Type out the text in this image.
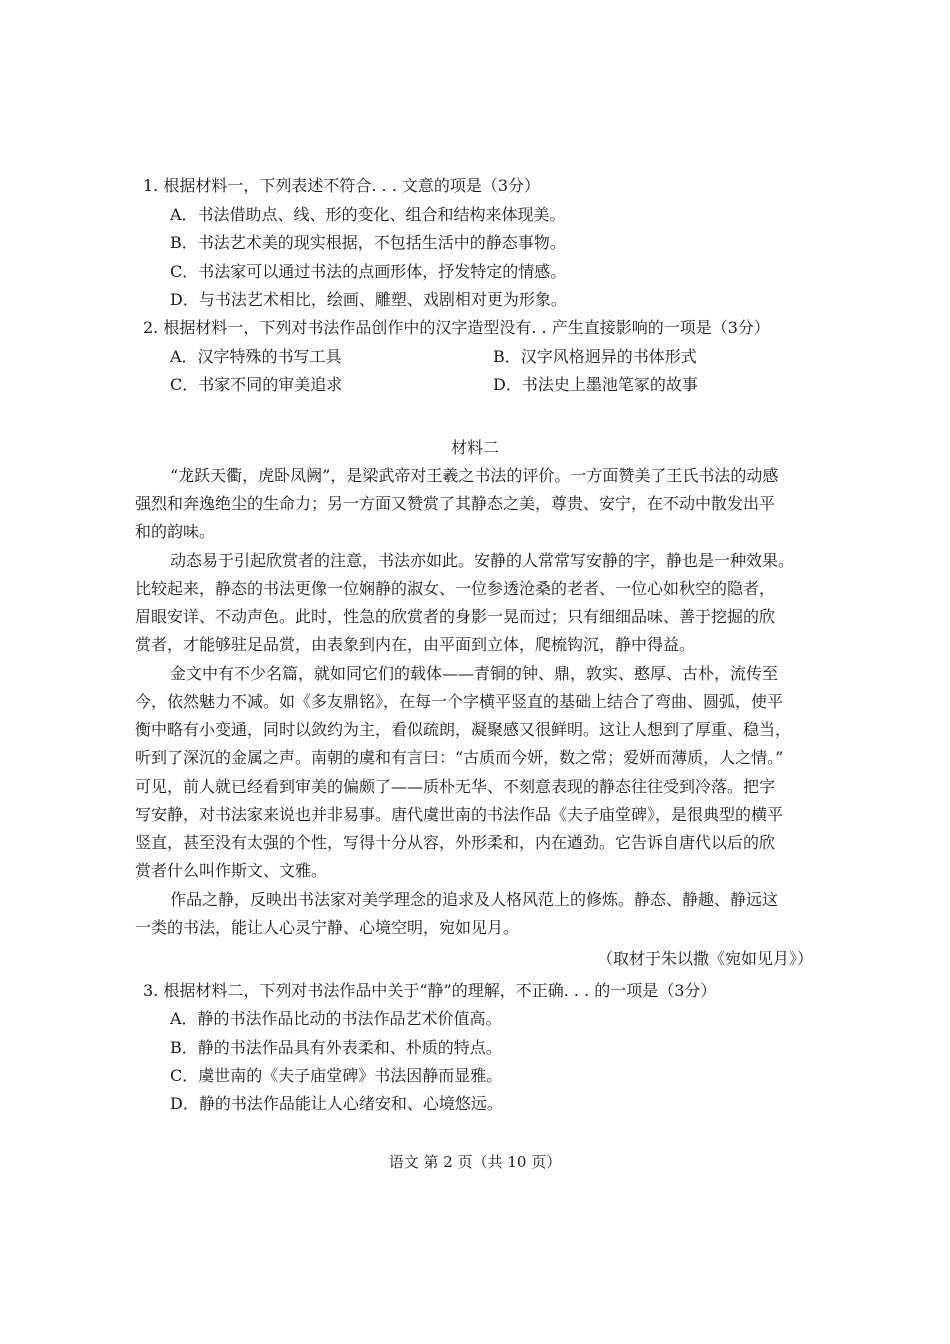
1. 根据材料一，下列表述不符合. . . 文意的项是（3分）
A．书法借助点、线、形的变化、组合和结构来体现美。
B．书法艺术美的现实根据，不包括生活中的静态事物。
C．书法家可以通过书法的点画形体，抒发特定的情感。
D．与书法艺术相比，绘画、雕塑、戏剧相对更为形象。
2. 根据材料一，下列对书法作品创作中的汉字造型没有. . 产生直接影响的一项是（3分）
A．汉字特殊的书写工具	B．汉字风格迥异的书体形式
C．书家不同的审美追求	D．书法史上墨池笔冢的故事
材料二
“龙跃天衢，虎卧凤阙”，是梁武帝对王羲之书法的评价。一方面赞美了王氏书法的动感
强烈和奔逸绝尘的生命力；另一方面又赞赏了其静态之美，尊贵、安宁，在不动中散发出平
和的韵味。
动态易于引起欣赏者的注意，书法亦如此。安静的人常常写安静的字，静也是一种效果。
比较起来，静态的书法更像一位娴静的淑女、一位参透沧桑的老者、一位心如秋空的隐者，
眉眼安详、不动声色。此时，性急的欣赏者的身影一晃而过；只有细细品味、善于挖掘的欣
赏者，才能够驻足品赏，由表象到内在，由平面到立体，爬梳钩沉，静中得益。
金文中有不少名篇，就如同它们的载体——青铜的钟、鼎，敦实、憨厚、古朴，流传至
今，依然魅力不减。如《多友鼎铭》，在每一个字横平竖直的基础上结合了弯曲、圆弧，使平
衡中略有小变通，同时以敛约为主，看似疏朗，凝聚感又很鲜明。这让人想到了厚重、稳当，
听到了深沉的金属之声。南朝的虞和有言曰：“古质而今妍，数之常；爱妍而薄质，人之情。”
可见，前人就已经看到审美的偏颇了——质朴无华、不刻意表现的静态往往受到冷落。把字
写安静，对书法家来说也并非易事。唐代虞世南的书法作品《夫子庙堂碑》，是很典型的横平
竖直，甚至没有太强的个性，写得十分从容，外形柔和，内在遒劲。它告诉自唐代以后的欣
赏者什么叫作斯文、文雅。
作品之静，反映出书法家对美学理念的追求及人格风范上的修炼。静态、静趣、静远这
一类的书法，能让人心灵宁静、心境空明，宛如见月。
（取材于朱以撒《宛如见月》）
3. 根据材料二，下列对书法作品中关于“静”的理解，不正确. . . 的一项是（3分）
A．静的书法作品比动的书法作品艺术价值高。
B．静的书法作品具有外表柔和、朴质的特点。
C．虞世南的《夫子庙堂碑》书法因静而显雅。
D．静的书法作品能让人心绪安和、心境悠远。
语文 第 2 页（共 10 页）
